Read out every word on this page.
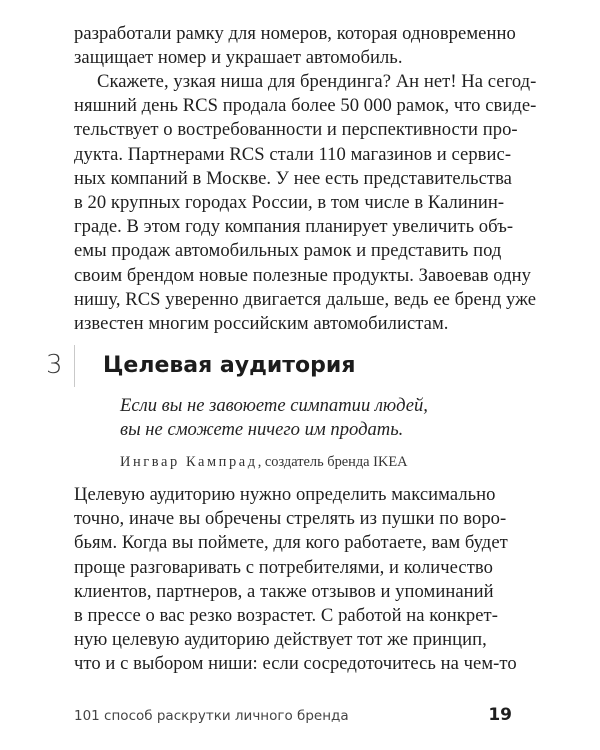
разработали рамку для номеров, которая одновременно
защищает номер и украшает автомобиль.

Скажете, узкая ниша для брендинга? Ан нет! На сегод-
няшний день RCS продала более 50 000 рамок, что свиде-
тельствует о востребованности и перспективности про-
дукта. Партнерами RCS стали 110 магазинов и сервис-
ных компаний в Москве. У нее есть представительства
в 20 крупных городах России, в том числе в Калинин-
граде. В этом году компания планирует увеличить объ-
емы продаж автомобильных рамок и представить под
своим брендом новые полезные продукты. Завоевав одну
нишу, RCS уверенно двигается дальше, ведь ее бренд уже
известен многим российским автомобилистам.

3 Целевая аудитория
Если вы не завоюете симпатии людей,
вы не сможете ничего им продать.
Ингвар Кампрад, создатель бренда IKEA

Целевую аудиторию нужно определить максимально
точно, иначе вы обречены стрелять из пушки по воро-
бьям. Когда вы поймете, для кого работаете, вам будет
проще разговаривать с потребителями, и количество
клиентов, партнеров, а также отзывов и упоминаний
в прессе о вас резко возрастет. С работой на конкрет-
ную целевую аудиторию действует тот же принцип,
что и с выбором ниши: если сосредоточитесь на чем-то

101 способ раскрутки личного бренда	19
